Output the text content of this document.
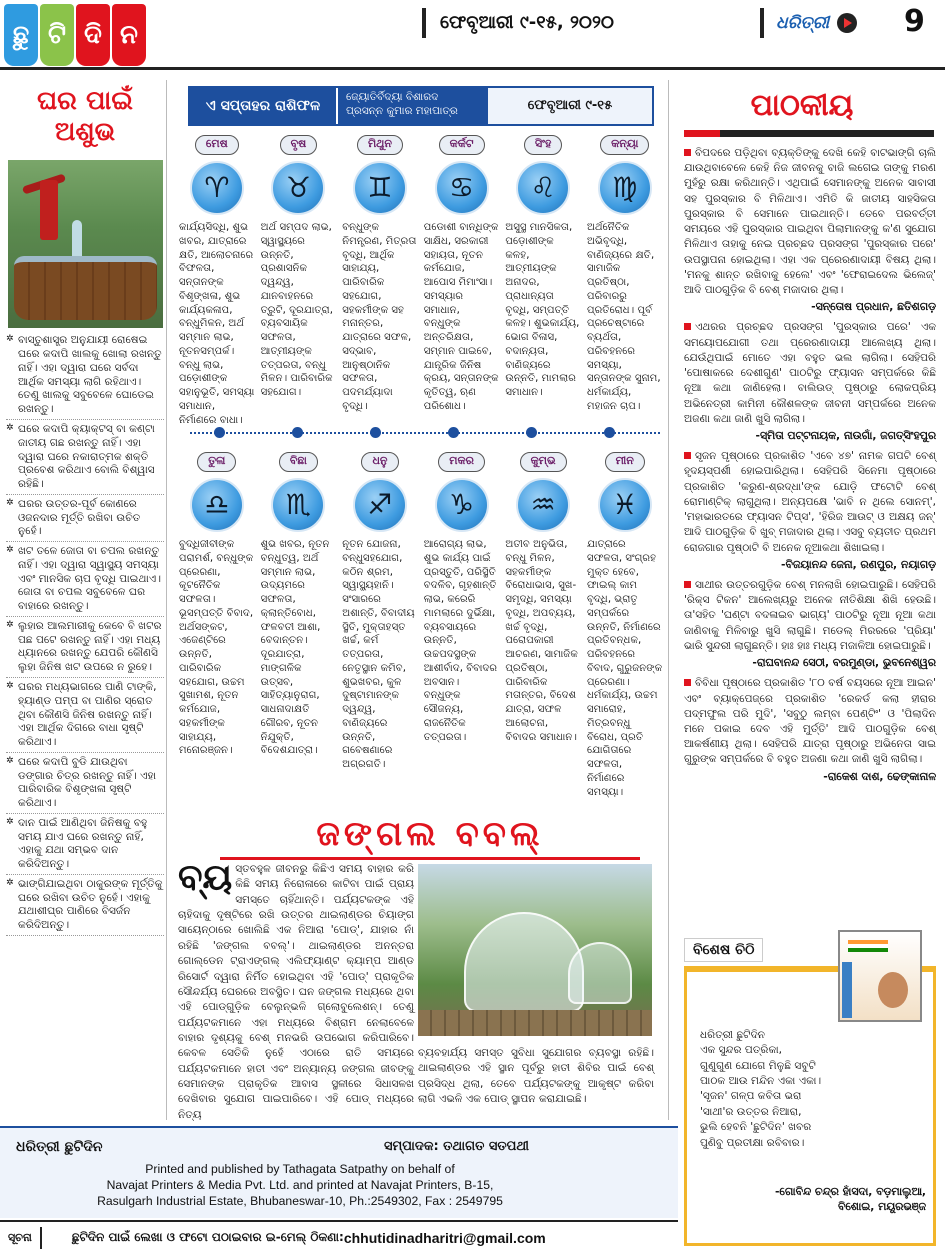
ଛୁ ଟି ଦି ନ	ଫେବୃଆରୀ ୯-୧୫, ୨୦୨୦	ଧରିତ୍ରୀ 9
ଘର ପାଇଁ
ଅଶୁଭ
✲ ବାସ୍ତୁଶାସ୍ତ୍ର ଅନୁଯାୟୀ ରୋଷେଇ ଘରେ କଦାପି ଖାଲକୁ ଖୋଲା ରଖନ୍ତୁ ନାହିଁ। ଏହା ଦ୍ୱାରା ଘରେ ସର୍ବଦା ଆର୍ଥିକ ସମସ୍ୟା ଲାଗି ରହିଥାଏ। ତେଣୁ ଖାଲକୁ ସବୁବେଳେ ଘୋଡେଇ ରଖନ୍ତୁ।
✲ ଘରେ କଦାପି କ୍ୟାକ୍ଟସ୍ ବା କଣ୍ଟା ଜାତୀୟ ଗଛ ରଖନ୍ତୁ ନାହିଁ। ଏହା ଦ୍ୱାରା ଘରେ ନକାରାତ୍ମକ ଶକ୍ତି ପ୍ରବେଶ କରିଥାଏ ବୋଲି ବିଶ୍ୱାସ ରହିଛି।
✲ ଘରର ଉତ୍ତର-ପୂର୍ବ କୋଣରେ ଓଜନଦାର ମୂର୍ତ୍ତି ରଖିବା ଉଚିତ ନୁହେଁ।
✲ ଖଟ ତଳେ ଜୋତା ବା ଚପଲ ରଖନ୍ତୁ ନାହିଁ। ଏହା ଦ୍ୱାରା ସ୍ୱାସ୍ଥ୍ୟ ସମସ୍ୟା ଏବଂ ମାନସିକ ଚାପ ବୃଦ୍ଧି ପାଇଥାଏ। ଜୋତା ବା ଚପଲ ସବୁବେଳେ ଘର ବାହାରେ ରଖନ୍ତୁ।
✲ ଲୁହାର ଆଲମାରୀକୁ କେବେ ବି ଖଟର ପଛ ପଟେ ରଖନ୍ତୁ ନାହିଁ। ଏହା ମଧ୍ୟ ଧ୍ୟାନରେ ରଖନ୍ତୁ ଯେପରି କୌଣସି ଲୁହା ଜିନିଷ ଖଟ ଉପରେ ନ ରୁହେ।
✲ ଘରର ମଧ୍ୟଭାଗରେ ପାଣି ଟାଙ୍କି, ହ୍ୟାଣ୍ଡ ପମ୍ପ ବା ପାଣିର ସ୍ରୋତ ଥିବା କୌଣସି ଜିନିଷ ରଖନ୍ତୁ ନାହିଁ। ଏହା ଆର୍ଥିକ ଦିଗରେ ବାଧା ସୃଷ୍ଟି କରିଥାଏ।
✲ ଘରେ କଦାପି ବୁଡି ଯାଉଥିବା ଡଙ୍ଗାର ଚିତ୍ର ରଖନ୍ତୁ ନାହିଁ। ଏହା ପାରିବାରିକ ବିଶୃଙ୍ଖଳା ସୃଷ୍ଟି କରିଥାଏ।
✲ ଦାନ ପାଇଁ ଆଣିଥିବା ଜିନିଷକୁ ବହୁ ସମୟ ଯାଏ ଘରେ ରଖନ୍ତୁ ନାହିଁ, ଏହାକୁ ଯଥା ସମ୍ଭବ ଦାନ କରିଦିଅନ୍ତୁ।
✲ ଭାଙ୍ଗିଯାଇଥିବା ଠାକୁରଙ୍କ ମୂର୍ତ୍ତିକୁ ଘରେ ରଖିବା ଉଚିତ ନୁହେଁ। ଏହାକୁ ଯଥାଶୀଘ୍ର ପାଣିରେ ବିସର୍ଜନ କରିଦିଅନ୍ତୁ।
ଏ ସପ୍ତାହର ରାଶିଫଳ
ଜ୍ୟୋତିର୍ବିଦ୍ୟା ବିଶାରଦ
ପ୍ରସନ୍ନ କୁମାର ମହାପାତ୍ର	ଫେବୃଆରୀ ୯-୧୫
ମେଷ
♈
କାର୍ଯ୍ୟସିଦ୍ଧି, ଶୁଭ ଖବର, ଯାତ୍ରାରେ କ୍ଷତି, ଆଲୋଚନାରେ ବିଫଳତା, ସନ୍ତାନଙ୍କ ବିଶୃଙ୍ଖଳା, ଶୁଭ କାର୍ଯ୍ୟକଳାପ, ବନ୍ଧୁମିଳନ, ଅର୍ଥ ସମ୍ମାନ ଲାଭ, ନୂତନସମ୍ପର୍କ। ବନ୍ଧୁ ଲାଭ, ପଡ଼ୋଶୀଙ୍କ ସହାନୁଭୂତି, ସମସ୍ୟା ସମାଧାନ, ନିର୍ମାଣରେ ବାଧା।
ବୃଷ
♉
ଅର୍ଥ ସମ୍ପଦ ଲାଭ, ସ୍ୱାସ୍ଥ୍ୟରେ ଉନ୍ନତି, ପ୍ରଶାସନିକ ଦ୍ୱନ୍ଦ୍ୱ, ଯାନବାହନରେ ତ୍ରୁଟି, ଦୂରଯାତ୍ରା, ବ୍ୟବସାୟିକ ସଫଳତା, ଆତ୍ମୀୟଙ୍କ ତତ୍ପରତା, ବନ୍ଧୁ ମିଳନ। ପାରିବାରିକ ସହଯୋଗ।
ମିଥୁନ
♊
ବନ୍ଧୁଙ୍କ ନିମନ୍ତ୍ରଣ, ମିତ୍ରତା ବୃଦ୍ଧି, ଆର୍ଥିକ ସାହାଯ୍ୟ, ପାରିବାରିକ ସହଯୋଗ, ସହକର୍ମୀଙ୍କ ସହ ମନାନ୍ତର, ଯାତ୍ରାରେ ସଫଳ, ସଦ୍‌ଭାବ, ଆନୁଷ୍ଠାନିକ ସଫଳତା, ପଦମର୍ଯ୍ୟାଦା ବୃଦ୍ଧି।
କର୍କଟ
♋
ପଡୋଶୀ ବାନ୍ଧିଙ୍କ ସାକ୍ଷିଧ, ସରକାରୀ ସହାୟତା, ନୂତନ କର୍ମଯୋଜ, ଆପୋସ ମିମାଂସା। ସମସ୍ୟାର ସମାଧାନ, ବନ୍ଧୁଙ୍କ ଅନ୍ତରିକ୍ଷତା, ସମ୍ମାନ ପାଇବେ, ଯାନ୍ତ୍ରିକ ଜିନିଷ କ୍ରୟ, ସନ୍ତାନଙ୍କ କୃତିତ୍ୱ, ଋଣ ପରିଶୋଧ।
ସିଂହ
♌
ଅସୁସ୍ଥ ମାନସିକତା, ପଡ଼ୋଶୀଙ୍କ କଳହ, ଆତ୍ମୀୟଙ୍କ ଅନାଦର, ପ୍ରାଧାନ୍ୟତା ବୃଦ୍ଧି, ସମ୍ପତ୍ତି କଳହ। ଶୁଭକାର୍ଯ୍ୟ, ଭୋଗ ବିଳାସ, ବଦାନ୍ୟତା, ବାଣିଜ୍ୟରେ ଉନ୍ନତି, ମାମଲାର ସମାଧାନ।
କନ୍ୟା
♍
ଅର୍ଥନୈତିକ ଅଭିବୃଦ୍ଧି, ବାଣିଜ୍ୟରେ କ୍ଷତି, ସାମାଜିକ ପ୍ରତିଷ୍ଠା, ପରିବାରରୁ ପ୍ରତିରୋଧ। ପୂର୍ବ ପ୍ରଚେଷ୍ଟାରେ ବ୍ୟର୍ଥତା, ପରିବହନରେ ସମସ୍ୟା, ସନ୍ତାନଙ୍କ ସୁନାମ, ଧର୍ମକାର୍ଯ୍ୟ, ମହାଜନ ଚାପ।
ତୁଳା
♎
ବୁଦ୍ଧିଜୀବୀଙ୍କ ପରାମର୍ଶ, ବନ୍ଧୁଙ୍କ ପ୍ରେରଣା, କୂଟନୈତିକ ସଫଳତା। ଭୂସମ୍ପତ୍ତି ବିବାଦ, ଅର୍ଥସଙ୍କଟ, ଏଜେଣ୍ଟିରେ ଉନ୍ନତି, ପାରିବାରିକ ସହଯୋଗ, ଉଚ୍ଚମ ସୁଖାମଶ, ନୂତନ କର୍ମଯୋଜ, ସହକର୍ମୀଙ୍କ ସାହାଯ୍ୟ, ମନୋରଞ୍ଜନ।
ବିଛା
♏
ଶୁଭ ଖବର, ନୂତନ ବନ୍ଧୁତ୍ୱ, ଅର୍ଥ ସମ୍ମାନ ଲାଭ, ଉଦ୍ୟମରେ ସଫଳତା, କ୍ଲାନ୍ତିବୋଧ, ଫଳବତୀ ଆଶା, ବେଦାନ୍ତନ। ଦୂରଯାତ୍ରା, ମାଙ୍ଗଳିକ ଉତ୍ସବ, ସାହିତ୍ୟାନୁରାଗ, ସାଧନାଦାକ୍ଷତି ଗୌରବ, ନୂତନ ନିଯୁକ୍ତି, ବିଦେଶଯାତ୍ରା।
ଧନୁ
♐
ନୂତନ ଯୋଜନା, ବନ୍ଧୁସହଯୋଗ, କଠିନ ଶ୍ରମ, ସ୍ୱାସ୍ଥ୍ୟହାନି। ସଂସାରରେ ଅଶାନ୍ତି, ବିବାଦୀୟ ସ୍ଥିତି, ମୁକ୍ତାହସ୍ତ ଖର୍ଚ୍ଚ, କର୍ମ ତତ୍ପରତା, ନେତୃସ୍ଥାନ କମିବ, ଶୁଭଖବର, କୁଳ ଦୁଷ୍ଟାମାନଙ୍କ ଦ୍ୱନ୍ଦ୍ୱ, ବାଣିଜ୍ୟରେ ଉନ୍ନତି, ଗବେଷଣାରେ ଅଗ୍ରଗତି।
ମକର
♑
ଆରୋଗ୍ୟ ଲାଭ, ଶୁଭ କାର୍ଯ୍ୟ ପାଇଁ ପ୍ରସ୍ତୁତି, ପରିସ୍ଥିତି ବଦଳିବ, ଗୃହଶାନ୍ତି ଲାଭ, କରେରି ମାମଲାରେ ଦୁର୍ଭିକ୍ଷା, ବ୍ୟବସାୟରେ ଉନ୍ନତି, ଉଚ୍ଚପଦସ୍ଥଙ୍କ ଆଶୀର୍ବାଦ, ବିବାଦର ଅବସାନ। ବନ୍ଧୁଙ୍କ ସୌଜନ୍ୟ, ରାଜନୈତିକ ତତ୍ପରତା।
କୁମ୍ଭ
♒
ଅତୀବ ଅନୁଭିତା, ବନ୍ଧୁ ମିଳନ, ସହକର୍ମୀଙ୍କ ବିରୋଧାଭାସ, ସୁଖ-ସମୃଦ୍ଧି, ସମସ୍ୟା ବୃଦ୍ଧି, ଅପବ୍ୟୟ, ଖର୍ଚ୍ଚ ବୃଦ୍ଧି, ପରୋପକାରୀ ଆଚରଣ, ସାମାଜିକ ପ୍ରତିଷ୍ଠା, ପାରିବାରିକ ମତାନ୍ତର, ବିଦେଶ ଯାତ୍ରା, ସଫଳ ଆଲୋଚନା, ବିବାଦର ସମାଧାନ।
ମୀନ
♓
ଯାତ୍ରାରେ ସଫଳତା, ସଂଗ୍ରହ ମୁକ୍ତ ହେବେ, ଫାଇଲ୍ କାମ ବୃଦ୍ଧି, ଭ୍ରାତୃ ସମ୍ପର୍କରେ ଉନ୍ନତି, ନିର୍ମାଣରେ ପ୍ରତିବନ୍ଧକ, ପରିବହନରେ ବିବାଦ, ଗୁରୁଜନଙ୍କ ପ୍ରେରଣା। ଧର୍ମକାର୍ଯ୍ୟ, ଉଚ୍ଚମ ସମାରୋହ, ମିତ୍ରବନ୍ଧୁ ବିରୋଧ, ପ୍ରତି ଯୋଗିତାରେ ସଫଳତା, ନିର୍ମାଣରେ ସମସ୍ୟା।
ଜଙ୍ଗଲ ବବଲ୍
ବ୍ୟ ସ୍ତବହୁଳ ଜୀବନରୁ କିଛିଏ ସମୟ ବାହାର କରି କିଛି ସମୟ ନିରୋଳାରେ କାଟିବା ପାଇଁ ପ୍ରାୟ ସମସ୍ତେ ଚାହିଁଥାନ୍ତି। ପର୍ଯ୍ୟଟକଙ୍କ ଏହି ଚାହିଦାକୁ ଦୃଷ୍ଟିରେ ରଖି ଉତ୍ତର ଥାଇଲାଣ୍ଡର ଚିୟାଙ୍ଗ ସାୟେନ୍‌ଠାରେ ଖୋଲିଛି ଏକ ନିଆରା 'ପୋଡ୍', ଯାହାର ନାଁ ରହିଛି 'ଜଙ୍ଗଲ ବବଲ୍'। ଥାଇଲାଣ୍ଡର ଅନନ୍ତରା ଗୋଲ୍ଡେନ ଟ୍ରାଏଙ୍ଗଲ୍ ଏଲିଫ୍ୟାଣ୍ଟ କ୍ୟାମ୍ପ ଆଣ୍ଡ ରିସୋର୍ଟ ଦ୍ୱାରା ନିର୍ମିତ ହୋଇଥିବା ଏହି 'ପୋଡ୍' ପ୍ରାକୃତିକ ସୌନ୍ଦର୍ଯ୍ୟ ଘେରରେ ଅବସ୍ଥିତ। ଘନ ଜଙ୍ଗଲ ମଧ୍ୟରେ ଥିବା ଏହି ପୋଡ୍‌ଗୁଡ଼ିକ ବେଲୁନ୍‌ଭଳି ଗ୍ଲୋବୁଲେଶନ୍। ତେଣୁ ପର୍ଯ୍ୟଟକମାନେ ଏହା ମଧ୍ୟରେ ବିଶ୍ରାମ ନେଲାବେଳେ ବାହାର ଦୃଶ୍ୟକୁ ବେଶ୍ ମନଭରି ଉପଭୋଗ କରିପାରିବେ। କେବଳ ସେତିକି ନୁହେଁ ଏଠାରେ ରାତି ସମୟରେ ପର୍ଯ୍ୟଟକମାନେ ହାତୀ ଏବଂ ଅନ୍ୟାନ୍ୟ ଜଙ୍ଗଲ ଜୀବଙ୍କୁ ସେମାନଙ୍କ ପ୍ରାକୃତିକ ଆବାସ ସ୍ଥଳୀରେ ସିଧାସଳଖ ଦେଖିବାର ସୁଯୋଗ ପାଇପାରିବେ। ଏହି ପୋଡ୍ ମଧ୍ୟରେ ନିତ୍ୟ
ବ୍ୟବହାର୍ଯ୍ୟ ସମସ୍ତ ସୁବିଧା ସୁଯୋଗର ବ୍ୟବସ୍ଥା ରହିଛି। ଥାଇଲାଣ୍ଡର ଏହି ସ୍ଥାନ ପୂର୍ବରୁ ହାତୀ ଶିବିର ପାଇଁ ବେଶ୍ ପ୍ରସିଦ୍ଧ ଥିଲା, ତେବେ ପର୍ଯ୍ୟଟକଙ୍କୁ ଆକୃଷ୍ଟ କରିବା ଲାଗି ଏଭଳି ଏକ ପୋଡ୍ ସ୍ଥାପନ କରାଯାଇଛି।
ପାଠକୀୟ
ବିପଦରେ ପଡ଼ିଥିବା ବ୍ୟକ୍ତିଙ୍କୁ ଦେଖି କେହି ବାଟଭାଙ୍ଗି ଚାଲି ଯାଉଥିବାବେଳେ କେହି ନିଜ ଜୀବନକୁ ବାଜି ଲଗେଇ ତାଙ୍କୁ ମରଣ ମୁହଁରୁ ରକ୍ଷା କରିଥାନ୍ତି। ଏଥିପାଇଁ ସେମାନଙ୍କୁ ଅନେକ ସାବାସୀ ସହ ପୁରସ୍କାର ବି ମିଳିଥାଏ। ଏମିତି କି ଜାତୀୟ ସାହସିକତା ପୁରସ୍କାର ବି ସେମାନେ ପାଇଥାନ୍ତି। ତେବେ ପରବର୍ତ୍ତୀ ସମୟରେ ଏହି ପୁରସ୍କାର ପାଇଥିବା ପିଲାମାନଙ୍କୁ କ'ଣ ସୁଯୋଗ ମିଳିଥାଏ ତାହାକୁ ନେଇ ପ୍ରଚ୍ଛଦ ପ୍ରସଙ୍ଗ 'ପୁରସ୍କାର ପରେ' ଉପସ୍ଥାପନା ହୋଇଥିଲା। ଏହା ଏକ ପ୍ରେରଣାଦାୟୀ ବିଷୟ ଥିଲା। 'ମନକୁ ଶାନ୍ତ ରଖିବାକୁ ହେଲେ' ଏବଂ 'ଫେରାଇଦେଲ ଭିଲେଜ୍' ଆଦି ପାଠଗୁଡ଼ିକ ବି ବେଶ୍ ମଜାଦାର ଥିଲା।
-ସନ୍ତୋଷ ପ୍ରଧାନ, ଛତିଶଗଡ଼
ଏଥରର ପ୍ରଚ୍ଛଦ ପ୍ରସଙ୍ଗ 'ପୁରସ୍କାର ପରେ' ଏକ ସମୟୋପଯୋଗୀ ତଥା ପ୍ରେରଣାଦାୟୀ ଆଲେଖ୍ୟ ଥିଲା। ଯେଉଁଥିପାଇଁ ମୋତେ ଏହା ବହୁତ ଭଲ ଲାଗିଲା। ସେହିପରି 'ପୋଷାକରେ ଦେଶୀଗୁଣ' ପାଠଟିରୁ ଫ୍ୟାସନ ସମ୍ପର୍କରେ କିଛି ନୂଆ କଥା ଜାଣିହେଲା। ବାଲିଉଡ୍ ପୃଷ୍ଠାରୁ ଲୋକପ୍ରିୟ ଅଭିନେତ୍ରୀ କାମିନୀ କୌଶଳଙ୍କ ଜୀବନୀ ସମ୍ପର୍କରେ ଅନେକ ଅଜଣା କଥା ଜାଣି ଖୁସି ଲାଗିଲା।
-ସ୍ମିତା ପଟ୍ଟନାୟକ, ନାଉଗାଁ, ଜଗତ୍‌ସିଂହପୁର
ସୃଜନ ପୃଷ୍ଠାରେ ପ୍ରକାଶିତ 'ଏବେ ୪୭' ନାମକ ଗପଟି ବେଶ୍ ହୃଦୟସ୍ପର୍ଶୀ ହୋଇପାରିଥିଲା। ସେହିପରି ସିନେମା ପୃଷ୍ଠାରେ ପ୍ରକାଶିତ 'କରୁଣ-ଶ୍ରଦ୍ଧା'ଙ୍କ ଯୋଡ଼ି ଫଟୋଟି ବେଶ୍ ରୋମାଣ୍ଟିକ୍ ଲାଗୁଥିଲା। ଅନ୍ୟପକ୍ଷେ 'ଭାବି ନ ଥିଲେ ସୋନମ୍', 'ମହାଭାରତରେ ଫ୍ୟାସନ ଟିପ୍ସ', 'ହିରିଜ ଆଉଟ୍ ଓ ଅକ୍ଷୟ ଜନ୍' ଆଦି ପାଠଗୁଡ଼ିକ ବି ଖୁବ୍ ମଜାଦାର ଥିଲା। ଏସବୁ ବ୍ୟତୀତ ପ୍ରଥମ ରୋଜଗାର ପୃଷ୍ଠାଟି ବି ଅନେକ ନୂଆକଥା ଶିଖାଇଲା।
-ବିଜୟାନନ୍ଦ ଜେନା, ରଣପୁର, ନୟାଗଡ଼
ସାଥୀର ଉତ୍ତରଗୁଡ଼ିକ ବେଶ୍ ମନଲାଖି ହୋଇପାରୁଛି। ସେହିପରି 'ରିକ୍ସ ଟିକନ' ଆଲେଖ୍ୟରୁ ଅନେକ ନୀତିଶିକ୍ଷା ଶିଖି ହେଉଛି। ତା'ସହିତ 'ଘଣ୍ଟା ବଦଳାଇବ ଭାଗ୍ୟ' ପାଠଟିରୁ ନୂଆ ନୂଆ କଥା ଜାଣିବାକୁ ମିଳିବାରୁ ଖୁସି ଲାଗୁଛି। ମଡେଲ୍ ମିରରରେ 'ପ୍ରିୟା' ଭାରି ସୁନ୍ଦରୀ ଲାଗୁଛନ୍ତି। ହାଃ ହାଃ ମଧ୍ୟ ମଜାଳିଆ ହୋଇପାରୁଛି।
-ରାଘବାନନ୍ଦ ସେଠୀ, ବରମୁଣ୍ଡା, ଭୁବନେଶ୍ୱର
ବିବିଧା ପୃଷ୍ଠାରେ ପ୍ରକାଶିତ '୮୦ ବର୍ଷ ବୟସରେ ନୂଆ ଆଇନ' ଏବଂ ବ୍ୟାକ୍‌ପେଜ୍‌ରେ ପ୍ରକାଶିତ 'ରେକର୍ଡ କଲା ହୀରାର ପଦ୍ମଫୁଲ ପରି ମୁଦି', 'ସବୁଠୁ ଲମ୍ବା ପେଣ୍ଟିଂ' ଓ 'ପିଲାଦିନ ମନେ ପକାଇ ଦେବ ଏହି ମୁର୍ତ୍ତି' ଆଦି ପାଠଗୁଡ଼ିକ ବେଶ୍ ଆକର୍ଷଣୀୟ ଥିଲା। ସେହିପରି ଯାତ୍ରା ପୃଷ୍ଠାରୁ ଅଭିନେତା ସାଇ ଗୁରୁଙ୍କ ସମ୍ପର୍କରେ ବି ବହୁତ ଅଜଣା କଥା ଜାଣି ଖୁସି ଲାଗିଲା।
-ରାକେଶ ଦାଶ, ଢେଙ୍କାନାଳ
ବିଶେଷ ଚିଠି
ଧରିତ୍ରୀ ଛୁଟିଦିନ
ଏକ ସୁନ୍ଦର ପତ୍ରିକା,
ଗୁଣୁଗୁଣ ଯୋଗେ ମିଳୁଛି ସବୁଟି
ପାଠକ ଆଉ ମନ୍ଦିନ ଏକା ଏକା।
'ସୃଜନ' ଗଳ୍ପ କବିତା ଭରା
'ସାଥୀ'ର ଉତ୍ତର ନିଆରା,
ଭୁଲି ହେବନି 'ଛୁଟିଦିନ' ଖବର
ପୁଣିବୁ ପ୍ରତୀକ୍ଷା ରବିବାର।
-ଗୋବିନ୍ଦ ଚନ୍ଦ୍ର ହାଁସଦା, ବଡ଼ମାଲୁଆ,
ବିଶୋଇ, ମୟୂରଭଞ୍ଜ
ଧରିତ୍ରୀ ଛୁଟିଦିନ	ସମ୍ପାଦକ: ତଥାଗତ ସତପଥୀ
Printed and published by Tathagata Satpathy on behalf of
Navajat Printers & Media Pvt. Ltd. and printed at Navajat Printers, B-15,
Rasulgarh Industrial Estate, Bhubaneswar-10, Ph.:2549302, Fax : 2549795
ସୂଚନା	ଛୁଟିଦିନ ପାଇଁ ଲେଖା ଓ ଫଟୋ ପଠାଇବାର ଇ-ମେଲ୍ ଠିକଣା: chhutidinadharitri@gmail.com
